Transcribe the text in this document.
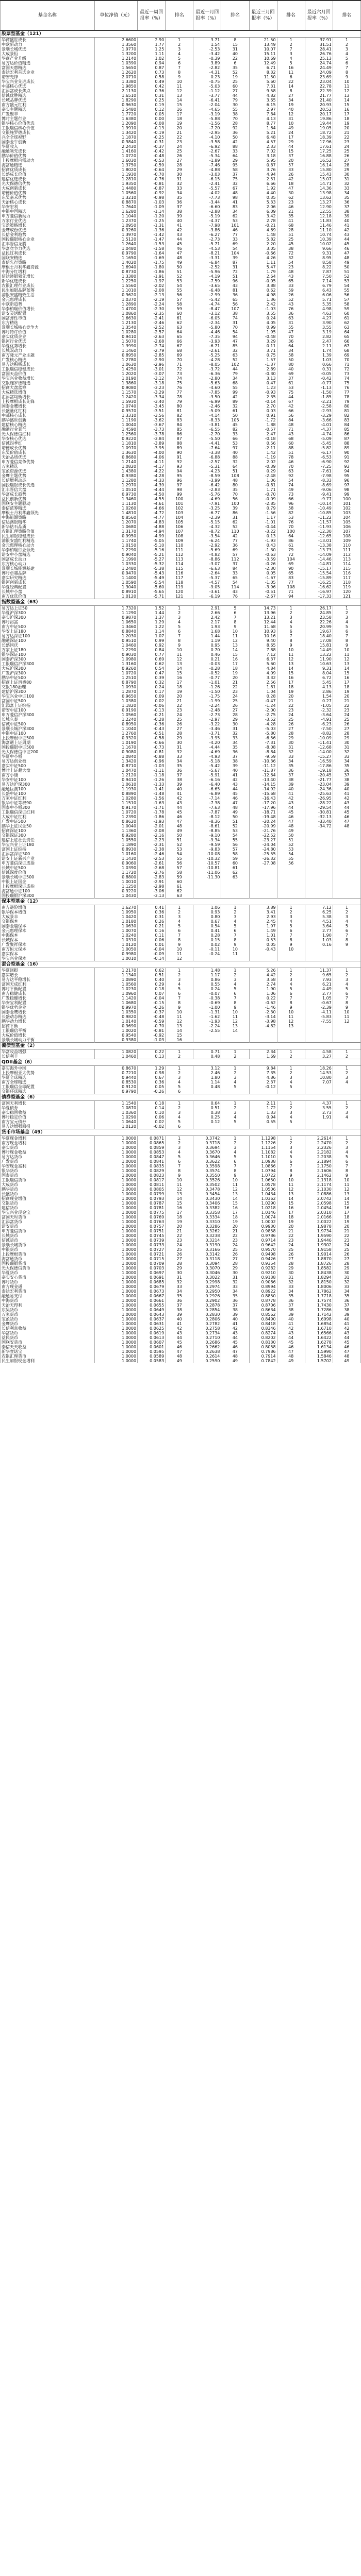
基金名称	单位净值（元）	最近一周回报率（%）	排名	最近一月回报率（%）	排名	最近三月回报率（%）	排名	最近六月回报率（%）	排名
股票型基金（121）									
华商盛世成长	2.6600	2.90	1	3.71	8	21.50	1	37.91	1
中欧新动力	1.3560	1.77	2	1.54	15	13.49	2	31.51	2
景顺长城优选	1.9770	1.25	3	-2.53	31	10.07	7	28.41	3
大成景恒	1.3200	1.11	4	-3.42	40	15.11	3	26.76	4
华商产业升级	1.2140	1.02	5	-0.39	22	10.69	4	25.13	5
易方达价值精选	1.0390	0.94	6	3.89	6	12.49	5	24.74	6
富国天惠精选	1.5650	0.87	7	-2.82	35	6.71	16	24.49	7
泰达宏利首选企业	1.2620	0.73	8	-4.31	52	8.32	11	24.09	8
诺安先锋	2.0710	0.58	9	0.23	19	11.50	6	23.69	9
华宝兴业先进成长	1.3380	0.49	10	-0.75	25	5.60	22	23.04	10
中邮核心优选	1.9850	0.42	11	-5.03	60	7.31	14	22.78	11
汇添富成长焦点	2.1130	0.36	12	-1.12	27	9.58	8	22.39	12
信诚优胜精选	1.6510	0.31	13	-3.77	44	4.82	27	21.77	13
长城品牌优选	1.8290	0.25	14	-6.41	79	3.65	34	21.40	14
南方盛元红利	0.9630	0.19	15	-2.04	30	6.15	19	20.93	15
嘉实主题精选	1.5480	0.12	16	-4.65	55	2.97	40	20.52	16
广发聚丰	1.7720	0.05	17	-3.19	38	7.84	12	20.17	17
博时主题行业	1.6380	0.00	18	-5.88	70	4.13	31	19.86	18
银华核心价值优选	1.2090	-0.08	19	-1.56	28	8.77	10	19.44	19
工银瑞信核心价值	1.9910	-0.13	20	-7.20	92	1.64	49	19.05	20
交银施罗德成长	1.3420	-0.19	21	-2.95	36	5.21	24	18.72	21
兴全全球视野	1.1870	-0.25	22	-4.10	50	6.48	17	18.39	22
国泰金牛创新	0.9840	-0.31	23	-3.58	42	4.57	29	17.96	23
华夏收入	2.2430	-0.37	24	-6.92	88	2.33	44	17.61	24
融通领先成长	1.4160	-0.42	25	-2.67	33	7.02	15	17.25	25
鹏华价值优势	1.0720	-0.48	26	-5.34	64	3.18	37	16.88	26
上投摩根内需动力	1.6030	-0.53	27	-1.89	29	5.95	20	16.52	27
海富通精选	1.3750	-0.59	28	-7.46	95	0.87	57	16.14	28
招商优质成长	1.8020	-0.64	29	-4.88	58	3.76	33	15.80	29
长盛成长价值	1.1930	-0.70	30	-3.03	37	4.94	26	15.43	30
建信优选成长	1.2810	-0.76	31	-6.15	75	2.51	42	15.07	31
光大保德信优势	1.9350	-0.81	32	-2.41	32	6.66	18	14.71	32
大成创新成长	1.4480	-0.87	33	-5.57	67	1.92	47	14.36	33
诺德价值优势	1.0560	-0.92	34	-4.02	48	4.40	30	13.98	34
东吴嘉禾优势	1.3210	-0.98	35	-7.73	98	0.35	62	13.62	35
天治核心成长	0.8870	-1.03	36	-3.44	41	5.33	23	13.27	36
华安宏利	1.7640	-1.09	37	-6.60	83	2.06	46	12.90	37
中银中国精选	1.6280	-1.14	38	-2.88	34	6.09	21	12.55	38
申万菱信新动力	1.1040	-1.20	39	-5.19	62	3.42	35	12.18	39
万家行业优选	1.2370	-1.25	40	-4.37	53	2.78	41	11.83	40
宝盈策略增长	1.0950	-1.31	41	-7.98	101	-0.21	68	11.46	41
金鹰成份优选	0.9260	-1.36	42	-3.86	46	4.69	28	11.10	42
长信金利趋势	1.3970	-1.42	43	-6.27	77	1.48	51	10.74	43
国投瑞银核心企业	1.5120	-1.47	44	-2.73	33	5.82	25	10.39	44
汇丰晋信龙腾	1.2640	-1.53	45	-5.71	69	2.20	45	10.02	45
华富竞争力优选	1.0480	-1.58	46	-4.53	54	3.05	38	9.66	46
益民红利成长	0.9790	-1.64	47	-8.21	104	-0.66	72	9.31	47
国联安精选	1.1650	-1.69	48	-3.31	39	4.26	32	8.95	48
泰信先行策略	1.4020	-1.75	49	-6.84	87	1.11	54	8.58	49
摩根士丹利华鑫资源	1.6940	-1.80	50	-2.52	31	5.47	23	8.22	50
中海分红增利	0.8730	-1.86	51	-5.96	72	1.79	48	7.87	51
信达澳银领先增长	1.3380	-1.91	52	-4.19	51	2.64	43	7.50	52
新华优选成长	1.2250	-1.97	53	-7.59	96	-0.05	65	7.14	53
农银汇理行业成长	1.5560	-2.02	54	-3.65	43	3.88	33	6.79	54
民生加银品牌蓝筹	1.1010	-2.08	55	-6.48	81	0.62	59	6.43	55
浦银安盛精致生活	0.9620	-2.13	56	-2.99	36	4.98	26	6.06	56
金元惠理成长	1.0370	-2.19	57	-5.42	65	1.36	52	5.71	57
中欧新趋势	1.2890	-2.24	58	-4.74	56	2.42	43	5.35	58
华泰柏瑞价值增长	1.4700	-2.30	59	-8.47	107	-1.03	76	4.98	59
诺安灵活配置	1.0860	-2.35	60	-3.12	38	3.55	36	4.63	60
国富弹性市值	1.6630	-2.41	61	-6.05	74	0.24	63	4.27	61
东方精选	1.2130	-2.46	62	-2.34	31	4.05	31	3.90	62
景顺长城核心竞争力	1.3540	-2.52	63	-5.80	70	0.99	55	3.55	63
博时特许价值	1.0280	-2.57	64	-4.46	54	1.95	47	3.19	64
嘉实优质企业	0.9410	-2.63	65	-7.35	94	-0.48	70	2.82	65
银河行业优选	1.5070	-2.68	66	-3.93	47	3.29	36	2.47	66
华夏优势增长	1.3990	-2.74	67	-6.71	85	0.11	64	2.11	67
长城双动力	1.1460	-2.79	68	-2.61	32	3.71	34	1.74	68
南方隆元产业主题	0.8950	-2.85	69	-5.25	63	0.75	58	1.39	69
广发核心精选	1.2780	-2.90	70	-4.28	52	1.57	50	1.03	70
易方达积极成长	1.0630	-2.96	71	-8.05	102	-1.37	80	0.66	71
工银瑞信稳健成长	1.4250	-3.01	72	-3.72	44	2.89	40	0.31	72
富国天益价值	1.2020	-3.07	73	-6.36	79	-0.30	69	-0.05	73
华宝兴业收益增长	1.0190	-3.12	74	-2.80	34	3.13	37	-0.42	74
交银施罗德精选	1.3860	-3.18	75	-5.63	68	0.47	61	-0.77	75
招商大盘蓝筹	0.9080	-3.23	76	-4.60	55	1.23	53	-1.13	76
大成精选增值	1.1570	-3.29	77	-7.85	99	-0.93	75	-1.50	77
汇添富均衡增长	1.2420	-3.34	78	-3.50	42	2.35	44	-1.85	78
上投摩根成长先锋	1.5930	-3.40	79	-6.99	89	-0.14	67	-2.21	79
国泰金鹰增长	1.0740	-3.45	80	-2.46	32	2.70	42	-2.58	80
长盛量化红利	0.9570	-3.51	81	-5.09	61	0.03	66	-2.93	81
中邮核心成长	1.3310	-3.56	82	-4.14	50	0.91	56	-3.29	82
鹏华盛世创新	1.1190	-3.62	83	-8.33	105	-1.72	84	-3.66	83
建信核心精选	1.0040	-3.67	84	-3.81	45	1.88	48	-4.01	84
融通行业景气	1.4590	-3.73	85	-6.55	82	-0.57	71	-4.37	85
光大保德信红利	1.2560	-3.78	86	-2.70	33	2.47	43	-4.74	86
华安核心优选	0.9220	-3.84	87	-5.50	66	-0.18	68	-5.09	87
信诚四季红	1.1810	-3.89	88	-4.41	53	0.56	60	-5.45	88
诺德成长优势	1.0970	-3.95	89	-7.64	97	-2.11	88	-5.82	89
东吴价值成长	1.3630	-4.00	90	-3.38	40	1.42	51	-6.17	90
天治品质优选	0.8680	-4.06	91	-6.88	88	-1.19	78	-6.53	91
申万菱信竞争优势	1.2140	-4.11	92	-2.57	32	2.02	46	-6.90	92
万家精选	1.0820	-4.17	93	-5.31	64	-0.39	70	-7.25	93
宝盈资源优选	1.4380	-4.22	94	-4.23	51	0.29	63	-7.61	94
金鹰主题优势	0.9380	-4.28	95	-8.59	108	-2.48	92	-7.98	95
长信增利动态	1.1280	-4.33	96	-3.99	48	1.06	54	-8.33	96
国投瑞银成长优选	1.2970	-4.39	97	-6.42	80	-0.81	74	-8.69	97
汇丰晋信大盘	1.0510	-4.44	98	-2.83	35	1.71	49	-9.06	98
华富成长趋势	0.9730	-4.50	99	-5.76	70	-0.70	73	-9.41	99
益民创新优势	1.3460	-4.55	100	-4.69	56	-0.09	66	-9.77	100
国联安主题驱动	1.1130	-4.61	101	-7.91	100	-2.85	96	-10.14	101
泰信蓝筹精选	1.0260	-4.66	102	-3.25	39	0.79	58	-10.49	102
摩根士丹利华鑫领先	1.4810	-4.72	103	-6.77	86	-1.56	82	-10.85	103
中海能源策略	0.8560	-4.77	104	-2.39	31	1.17	53	-11.22	104
信达澳银精华	1.2070	-4.83	105	-5.15	62	-1.01	76	-11.57	105
新华钻石品质	1.0680	-4.88	106	-4.32	52	-0.44	70	-11.93	106
农银汇理策略价值	1.3170	-4.94	107	-8.72	110	-3.22	100	-12.30	107
民生加银稳健成长	0.9950	-4.99	108	-3.54	42	0.13	64	-12.65	108
浦银安盛红利精选	1.1740	-5.05	109	-6.24	77	-1.93	86	-13.01	109
金元惠理核心动力	1.0150	-5.10	110	-2.92	36	0.43	61	-13.38	110
华泰柏瑞行业领先	1.2290	-5.16	111	-5.69	69	-1.30	79	-13.73	111
诺安中小盘精选	0.9040	-5.21	112	-4.82	57	-0.63	72	-14.09	112
国富成长动力	1.1990	-5.27	113	-8.86	112	-3.59	104	-14.46	113
东方核心动力	1.0330	-5.32	114	-3.07	37	-0.26	69	-14.81	114
景顺长城能源基建	1.2480	-5.38	115	-6.63	84	-2.30	90	-15.17	115
博时卓越品牌	0.9470	-5.43	116	-2.64	33	0.05	65	-15.54	116
嘉实研究精选	1.1400	-5.49	117	-5.37	65	-1.67	83	-15.89	117
银河创新成长	1.0590	-5.54	118	-4.57	54	-1.05	77	-16.25	118
华夏经典配置	1.3040	-5.60	119	-9.05	114	-3.96	108	-16.62	119
长城中小盘	0.8910	-5.65	120	-3.61	43	-0.51	71	-16.97	120
南方优选价值	1.0120	-5.71	121	-6.19	76	-2.67	94	-17.33	121
指数型基金（63）									
易方达上证50	1.7320	1.52	1	2.91	5	14.73	1	26.17	1
华夏沪深300	1.1290	1.44	2	2.66	6	13.96	2	24.85	2
嘉实沪深300	0.9870	1.37	3	2.42	7	13.21	3	23.58	3
博时裕富	1.0650	1.29	4	2.17	8	12.44	4	22.26	4
南方中证500	1.3460	1.22	5	1.93	9	11.68	5	20.99	5
华安上证180	0.8840	1.14	6	1.68	10	10.93	6	19.67	6
易方达深证100	1.2030	1.07	7	1.44	11	10.16	7	18.40	7
融通深证100	0.9510	0.99	8	1.19	12	9.40	8	17.08	8
长盛同庆	1.0460	0.92	9	0.95	13	8.65	9	15.81	9
万家上证180	1.2290	0.84	10	0.70	14	7.88	10	14.49	10
银华深证100	0.9030	0.77	11	0.46	15	7.12	11	13.22	11
国泰沪深300	1.0980	0.69	12	0.21	16	6.37	12	11.90	12
工银瑞信沪深300	1.3160	0.62	13	-0.03	17	5.60	13	10.63	13
大成沪深300	0.9260	0.54	14	-0.28	18	4.84	14	9.31	14
广发沪深300	1.0720	0.47	15	-0.52	19	4.09	15	8.04	15
鹏华中证500	1.2510	0.39	16	-0.77	20	3.32	16	6.72	16
招商上证消费80	0.8790	0.32	17	-1.01	21	2.56	17	5.45	17
交银180治理	1.0930	0.24	18	-1.26	22	1.81	18	4.13	18
建信沪深300	1.2870	0.17	19	-1.50	23	1.04	19	2.86	19
华宝兴业中证100	0.9650	0.09	20	-1.75	24	0.28	20	1.54	20
富国中证500	1.0380	0.02	21	-1.99	25	-0.47	21	0.27	21
汇添富上证综指	1.1820	-0.06	22	-2.24	26	-1.24	22	-1.05	22
诺安中证100	0.9190	-0.13	23	-2.48	27	-2.00	23	-2.32	23
申万菱信沪深300	1.0560	-0.21	24	-2.73	28	-2.75	24	-3.64	24
长城久泰	1.2240	-0.28	25	-2.97	29	-3.52	25	-4.91	25
信诚中证500	0.8950	-0.36	26	-3.22	30	-4.28	26	-6.23	26
景顺长城沪深300	1.1040	-0.43	27	-3.46	31	-5.03	27	-7.50	27
中银中证100	1.2760	-0.51	28	-3.71	32	-5.80	28	-8.82	28
上投摩根中证500	0.9320	-0.58	29	-3.95	33	-6.56	29	-10.09	29
海富通上证周期	1.0190	-0.66	30	-4.20	34	-7.31	30	-11.41	30
国投瑞银中证500	1.1670	-0.73	31	-4.44	35	-8.08	31	-12.68	31
光大保德信中证200	0.9080	-0.81	32	-4.69	36	-8.84	32	-14.00	32
华夏中小板	1.0840	-0.88	33	-4.93	37	-9.59	33	-15.27	33
易方达创业板	1.3420	-0.96	34	-5.18	38	-10.36	34	-16.59	34
嘉实中证500	0.8710	-1.03	35	-5.42	39	-11.12	35	-17.86	35
博时上证超大盘	1.0470	-1.11	36	-5.67	40	-11.87	36	-19.18	36
南方小康	1.2120	-1.18	37	-5.91	41	-12.64	37	-20.45	37
华安中证100	0.9410	-1.26	38	-6.16	42	-13.40	38	-21.77	38
易方达沪深300	1.0610	-1.33	39	-6.40	43	-14.15	39	-23.04	39
融通巨潮100	1.1930	-1.41	40	-6.65	44	-14.92	40	-24.36	40
长盛中证100	0.8890	-1.48	41	-6.89	45	-15.68	41	-25.63	41
万家中证红利	1.0280	-1.56	42	-7.14	46	-16.43	42	-26.95	42
银华中证等权90	1.1510	-1.63	43	-7.38	47	-17.20	43	-28.22	43
国泰中小板300	0.9170	-1.71	44	-7.63	48	-17.96	44	-29.54	44
工银瑞信深证红利	1.0720	-1.78	45	-7.87	49	-18.71	45	-30.81	45
大成中证红利	1.2390	-1.86	46	-8.12	50	-19.48	46	-32.13	46
广发中证500	0.8620	-1.93	47	-8.36	51	-20.24	47	-33.40	47
鹏华上证民企50	1.0040	-2.01	48	-8.61	52	-20.99	48	-34.72	48
招商深证100	1.1360	-2.08	49	-8.85	53	-21.76	49		
交银深证300	0.9280	-2.16	50	-9.10	54	-22.52	50		
建信上证社会责任	1.0550	-2.23	51	-9.34	55	-23.27	51		
华宝兴业上证180	1.1890	-2.31	52	-9.59	56	-24.04	52		
富国上证综指	0.8930	-2.38	53	-9.83	57	-24.80	53		
汇添富深证300	1.0160	-2.46	54	-10.08	58	-25.55	54		
诺安上证新兴产业	1.1430	-2.53	55	-10.32	59	-26.32	55		
申万菱信深证成指	0.9060	-2.61	56	-10.57	60	-27.08	56		
长城中证500	1.0390	-2.68	57	-10.81	61				
信诚深度价值	1.1720	-2.76	58	-11.06	62				
景顺长城中证500	0.8800	-2.83	59	-11.30	63				
中银上证国企	1.0010	-2.91	60						
上投摩根深证成指	1.1250	-2.98	61						
海富通中证100	0.9220	-3.06	62						
国投瑞银沪深300	1.0430	-3.13	63						
保本型基金（12）									
南方避险增值	1.6270	0.41	1	1.06	1	3.89	1	7.12	1
银华保本增值	1.0950	0.36	2	0.93	2	3.41	2	6.25	2
大成景丰	1.0420	0.31	3	0.80	3	2.93	3	5.38	3
交银保本	1.0180	0.26	4	0.67	4	2.45	4	4.51	4
国泰金鹿保本	1.0630	0.21	5	0.54	5	1.97	5	3.64	5
金元惠理保本	1.0070	0.16	6	0.41	6	1.49	6	2.77	6
中海保本	1.0240	0.11	7	0.28	7	1.01	7	1.90	7
长城保本	1.0310	0.06	8	0.15	8	0.53	8	1.03	8
广发聚祥保本	1.0120	0.01	9	0.02	9	0.05	9	0.16	9
南方恒元保本	1.0050	-0.04	10	-0.11	10	-0.43	10		
嘉实保本	0.9980	-0.09	11	-0.24	11				
华宝兴业保本	1.0010	-0.14	12						
混合型基金（16）									
华夏回报	1.2170	0.62	1	1.48	1	5.26	1	11.37	1
嘉实增长	1.1340	0.51	2	1.17	2	4.42	2	9.65	2
易方达平稳增长	1.0890	0.40	3	0.86	3	3.58	3	7.93	3
富国天成红利	1.0560	0.29	4	0.55	4	2.74	4	6.21	4
博时平衡配置	1.0230	0.18	5	0.24	5	1.90	5	4.49	5
南方稳健成长	1.0960	0.07	6	-0.07	6	1.06	6	2.77	6
广发稳健增长	1.1420	-0.04	7	-0.38	7	0.22	7	1.05	7
华安宝利配置	1.0680	-0.15	8	-0.69	8	-0.62	8	-0.67	8
银华优势企业	0.9970	-0.26	9	-1.00	9	-1.46	9	-2.39	9
国泰金鹰增长	1.0350	-0.37	10	-1.31	10	-2.30	10	-4.11	10
长盛动态精选	0.9820	-0.48	11	-1.62	11	-3.14	11	-5.83	11
鹏华动力增长	1.0140	-0.59	12	-1.93	12	-3.98	12	-7.55	12
招商平衡	0.9690	-0.70	13	-2.24	13	-4.82	13		
工银瑞信平衡	1.0020	-0.81	14	-2.55	14				
大成价值增长	0.9540	-0.92	15						
景顺长城动力平衡	0.9380	-1.03	16						
偏债型基金（2）									
华富收益增强	1.0820	0.22	1	0.71	1	2.34	1	4.58	1
长信利丰	1.0460	0.13	2	0.48	2	1.69	2	3.27	2
QDII基金（6）									
嘉实海外中国	0.8670	1.29	1	3.12	1	9.84	1	18.26	1
上投摩根亚太优势	0.7210	0.98	2	2.46	2	7.35	2	14.53	2
华夏全球精选	0.9440	0.67	3	1.80	3	4.86	3	10.80	3
南方全球精选	0.8530	0.36	4	1.14	4	2.37	4	7.07	4
工银瑞信全球配置	0.9120	0.05	5	0.48	5	-0.12	5		
交银环球精选	0.9790	-0.26	6						
债券型基金（6）									
富国天利增长	1.1540	0.18	1	0.64	1	2.11	1	4.37	1
华夏债券	1.0870	0.14	2	0.51	2	1.72	2	3.55	2
嘉实稳固收益	1.0360	0.10	3	0.38	3	1.33	3	2.73	3
博时稳定价值	1.0290	0.06	4	0.25	4	0.94	4	1.91	4
南方宝元债券	1.0640	0.02	5	0.12	5	0.55	5		
易方达增强回报	1.0120	-0.02	6						
货币市场基金（49）									
华夏现金增利	1.0000	0.0871	1	0.3742	1	1.1298	1	2.2614	1
南方现金增利	1.0000	0.0865	2	0.3718	2	1.1226	2	2.2470	2
嘉实货币	1.0000	0.0859	3	0.3694	3	1.1154	3	2.2326	3
博时现金收益	1.0000	0.0853	4	0.3670	4	1.1082	4	2.2182	4
易方达货币	1.0000	0.0847	5	0.3646	5	1.1010	5	2.2038	5
广发货币	1.0000	0.0841	6	0.3622	6	1.0938	6	2.1894	6
华安现金富利	1.0000	0.0835	7	0.3598	7	1.0866	7	2.1750	7
银华货币	1.0000	0.0829	8	0.3574	8	1.0794	8	2.1606	8
国泰货币	1.0000	0.0823	9	0.3550	9	1.0722	9	2.1462	9
工银瑞信货币	1.0000	0.0817	10	0.3526	10	1.0650	10	2.1318	10
大成货币	1.0000	0.0811	11	0.3502	11	1.0578	11	2.1174	11
鹏华货币	1.0000	0.0805	12	0.3478	12	1.0506	12	2.1030	12
长盛货币	1.0000	0.0799	13	0.3454	13	1.0434	13	2.0886	13
招商现金增值	1.0000	0.0793	14	0.3430	14	1.0362	14	2.0742	14
交银货币	1.0000	0.0787	15	0.3406	15	1.0290	15	2.0598	15
建信货币	1.0000	0.0781	16	0.3382	16	1.0218	16	2.0454	16
华宝兴业现金宝	1.0000	0.0775	17	0.3358	17	1.0146	17	2.0310	17
富国天时货币	1.0000	0.0769	18	0.3334	18	1.0074	18	2.0166	18
汇添富货币	1.0000	0.0763	19	0.3310	19	1.0002	19	2.0022	19
诺安货币	1.0000	0.0757	20	0.3286	20	0.9930	20	1.9878	20
申万菱信货币	1.0000	0.0751	21	0.3262	21	0.9858	21	1.9734	21
长城货币	1.0000	0.0745	22	0.3238	22	0.9786	22	1.9590	22
信诚货币	1.0000	0.0739	23	0.3214	23	0.9714	23	1.9446	23
景顺长城货币	1.0000	0.0733	24	0.3190	24	0.9642	24	1.9302	24
中银货币	1.0000	0.0727	25	0.3166	25	0.9570	25	1.9158	25
上投摩根货币	1.0000	0.0721	26	0.3142	26	0.9498	26	1.9014	26
海富通货币	1.0000	0.0715	27	0.3118	27	0.9426	27	1.8870	27
国投瑞银货币	1.0000	0.0709	28	0.3094	28	0.9354	28	1.8726	28
光大保德信货币	1.0000	0.0703	29	0.3070	29	0.9282	29	1.8582	29
华夏货币	1.0000	0.0697	30	0.3046	30	0.9210	30	1.8438	30
嘉实安心货币	1.0000	0.0691	31	0.3022	31	0.9138	31	1.8294	31
博时货币	1.0000	0.0685	32	0.2998	32	0.9066	32	1.8150	32
南方现金通	1.0000	0.0679	33	0.2974	33	0.8994	33	1.8006	33
泰达宏利货币	1.0000	0.0673	34	0.2950	34	0.8922	34	1.7862	34
融通易支付	1.0000	0.0667	35	0.2926	35	0.8850	35	1.7718	35
中海货币	1.0000	0.0661	36	0.2902	36	0.8778	36	1.7574	36
天治天得利	1.0000	0.0655	37	0.2878	37	0.8706	37	1.7430	37
东吴货币	1.0000	0.0649	38	0.2854	38	0.8634	38	1.7286	38
万家货币	1.0000	0.0643	39	0.2830	39	0.8562	39	1.7142	39
宝盈货币	1.0000	0.0637	40	0.2806	40	0.8490	40	1.6998	40
金鹰货币	1.0000	0.0631	41	0.2782	41	0.8418	41	1.6854	41
长信利息收益	1.0000	0.0625	42	0.2758	42	0.8346	42	1.6710	42
华富货币	1.0000	0.0619	43	0.2734	43	0.8274	43	1.6566	43
益民货币	1.0000	0.0613	44	0.2710	44	0.8202	44	1.6422	44
国联安货币	1.0000	0.0607	45	0.2686	45	0.8130	45	1.6278	45
泰信天天收益	1.0000	0.0601	46	0.2662	46	0.8058	46	1.6134	46
新华壹诺宝	1.0000	0.0595	47	0.2638	47	0.7986	47	1.5990	47
农银汇理货币	1.0000	0.0589	48	0.2614	48	0.7914	48	1.5846	48
民生加银现金增利	1.0000	0.0583	49	0.2590	49	0.7842	49	1.5702	49
